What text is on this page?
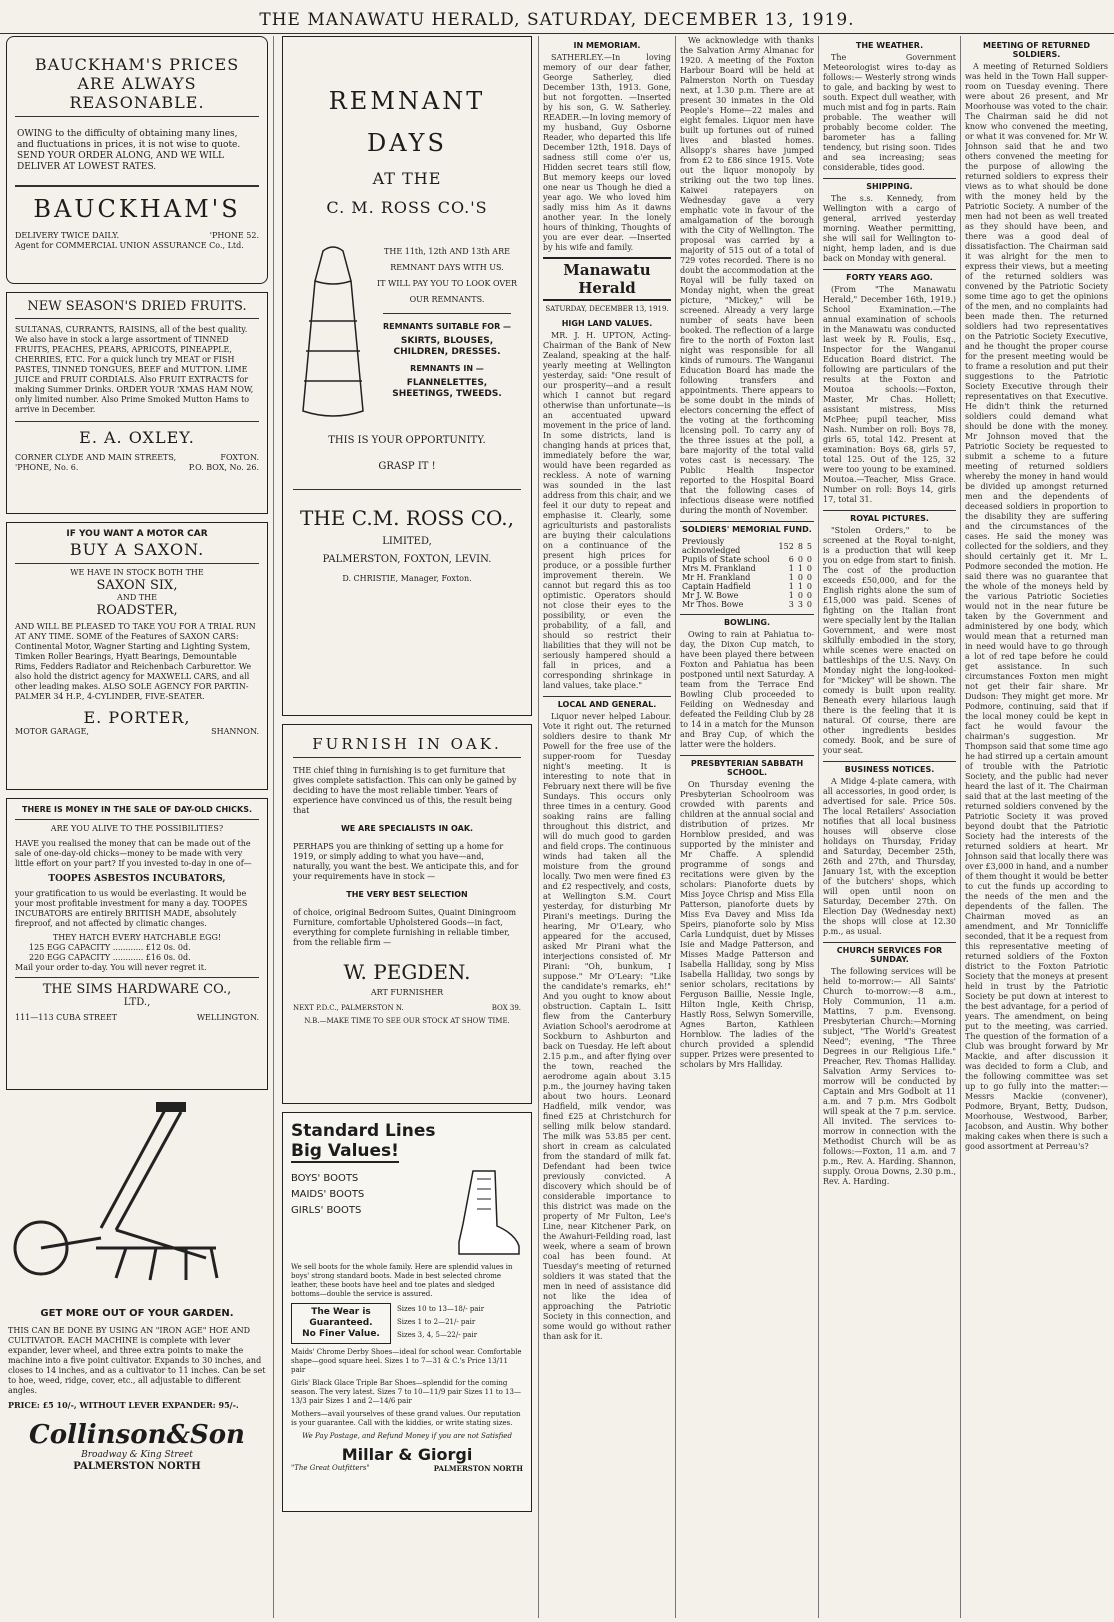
THE MANAWATU HERALD, SATURDAY, DECEMBER 13, 1919.
BAUCKHAM'S PRICES
ARE ALWAYS REASONABLE.
OWING to the difficulty of obtaining many lines, and fluctuations in prices, it is not wise to quote. SEND YOUR ORDER ALONG, AND WE WILL DELIVER AT LOWEST RATES.
BAUCKHAM'S
DELIVERY TWICE DAILY.	'PHONE 52.
Agent for COMMERCIAL UNION ASSURANCE Co., Ltd.
NEW SEASON'S DRIED FRUITS.
SULTANAS, CURRANTS, RAISINS, all of the best quality. We also have in stock a large assortment of TINNED FRUITS, PEACHES, PEARS, APRICOTS, PINEAPPLE, CHERRIES, ETC. For a quick lunch try MEAT or FISH PASTES, TINNED TONGUES, BEEF and MUTTON. LIME JUICE and FRUIT CORDIALS. Also FRUIT EXTRACTS for making Summer Drinks. ORDER YOUR 'XMAS HAM NOW, only limited number. Also Prime Smoked Mutton Hams to arrive in December.
E. A. OXLEY.
CORNER CLYDE AND MAIN STREETS,	FOXTON.
'PHONE, No. 6.	P.O. BOX, No. 26.
IF YOU WANT A MOTOR CAR
BUY A SAXON.
WE HAVE IN STOCK BOTH THE
SAXON SIX,
AND THE
ROADSTER,
AND WILL BE PLEASED TO TAKE YOU FOR A TRIAL RUN AT ANY TIME. SOME of the Features of SAXON CARS: Continental Motor, Wagner Starting and Lighting System, Timken Roller Bearings, Hyatt Bearings, Demountable Rims, Fedders Radiator and Reichenbach Carburettor. We also hold the district agency for MAXWELL CARS, and all other leading makes. ALSO SOLE AGENCY FOR PARTIN-PALMER 34 H.P., 4-CYLINDER, FIVE-SEATER.
E. PORTER,
MOTOR GARAGE,	SHANNON.
THERE IS MONEY IN THE SALE OF DAY-OLD CHICKS.
ARE YOU ALIVE TO THE POSSIBILITIES?
HAVE you realised the money that can be made out of the sale of one-day-old chicks—money to be made with very little effort on your part? If you invested to-day in one of—
TOOPES ASBESTOS INCUBATORS,
your gratification to us would be everlasting. It would be your most profitable investment for many a day. TOOPES INCUBATORS are entirely BRITISH MADE, absolutely fireproof, and not affected by climatic changes.
THEY HATCH EVERY HATCHABLE EGG!
125 EGG CAPACITY ............ £12 0s. 0d.
220 EGG CAPACITY ............ £16 0s. 0d.
Mail your order to-day. You will never regret it.
THE SIMS HARDWARE CO.,
LTD.,
111—113 CUBA STREET	WELLINGTON.
GET MORE OUT OF YOUR GARDEN.
THIS CAN BE DONE BY USING AN "IRON AGE" HOE AND CULTIVATOR. EACH MACHINE is complete with lever expander, lever wheel, and three extra points to make the machine into a five point cultivator. Expands to 30 inches, and closes to 14 inches, and as a cultivator to 11 inches. Can be set to hoe, weed, ridge, cover, etc., all adjustable to different angles.
PRICE: £5 10/-, WITHOUT LEVER EXPANDER: 95/-.
Collinson&Son
Broadway & King Street
PALMERSTON NORTH
REMNANT
DAYS
AT THE
C. M. ROSS CO.'S
THE 11th, 12th AND 13th ARE
REMNANT DAYS WITH US.
IT WILL PAY YOU TO LOOK OVER
OUR REMNANTS.
REMNANTS SUITABLE FOR —
SKIRTS, BLOUSES, CHILDREN, DRESSES.
REMNANTS IN —
FLANNELETTES, SHEETINGS, TWEEDS.
THIS IS YOUR OPPORTUNITY.
GRASP IT !
THE C.M. ROSS CO.,
LIMITED,
PALMERSTON, FOXTON, LEVIN.
D. CHRISTIE, Manager, Foxton.
FURNISH IN OAK.
THE chief thing in furnishing is to get furniture that gives complete satisfaction. This can only be gained by deciding to have the most reliable timber. Years of experience have convinced us of this, the result being that
WE ARE SPECIALISTS IN OAK.
PERHAPS you are thinking of setting up a home for 1919, or simply adding to what you have—and, naturally, you want the best. We anticipate this, and for your requirements have in stock —
THE VERY BEST SELECTION
of choice, original Bedroom Suites, Quaint Diningroom Furniture, comfortable Upholstered Goods—in fact, everything for complete furnishing in reliable timber, from the reliable firm —
W. PEGDEN.
ART FURNISHER
NEXT P.D.C., PALMERSTON N.	BOX 39.
N.B.—MAKE TIME TO SEE OUR STOCK AT SHOW TIME.
Standard Lines
Big Values!
BOYS' BOOTS
MAIDS' BOOTS
GIRLS' BOOTS
We sell boots for the whole family. Here are splendid values in boys' strong standard boots. Made in best selected chrome leather, these boots have heel and toe plates and sledged bottoms—double the service is assured.
The Wear is
Guaranteed.
No Finer Value.
Sizes 10 to 13—18/- pair
Sizes 1 to 2—21/- pair
Sizes 3, 4, 5—22/- pair
Maids' Chrome Derby Shoes—ideal for school wear. Comfortable shape—good square heel. Sizes 1 to 7—31 & C.'s Price 13/11 pair
Girls' Black Glace Triple Bar Shoes—splendid for the coming season. The very latest. Sizes 7 to 10—11/9 pair Sizes 11 to 13—13/3 pair Sizes 1 and 2—14/6 pair
Mothers—avail yourselves of these grand values. Our reputation is your guarantee. Call with the kiddies, or write stating sizes.
We Pay Postage, and Refund Money if you are not Satisfied
Millar & Giorgi
"The Great Outfitters"	PALMERSTON NORTH
IN MEMORIAM.

SATHERLEY.—In loving memory of our dear father, George Satherley, died December 13th, 1913. Gone, but not forgotten. —Inserted by his son, G. W. Satherley. READER.—In loving memory of my husband, Guy Osborne Reader, who departed this life December 12th, 1918. Days of sadness still come o'er us, Hidden secret tears still flow, But memory keeps our loved one near us Though he died a year ago. We who loved him sadly miss him As it dawns another year. In the lonely hours of thinking, Thoughts of you are ever dear. —Inserted by his wife and family.

Manawatu Herald
SATURDAY, DECEMBER 13, 1919.
HIGH LAND VALUES.

MR. J. H. UPTON, Acting-Chairman of the Bank of New Zealand, speaking at the half-yearly meeting at Wellington yesterday, said: "One result of our prosperity—and a result which I cannot but regard otherwise than unfortunate—is an accentuated upward movement in the price of land. In some districts, land is changing hands at prices that, immediately before the war, would have been regarded as reckless. A note of warning was sounded in the last address from this chair, and we feel it our duty to repeat and emphasise it. Clearly, some agriculturists and pastoralists are buying their calculations on a continuance of the present high prices for produce, or a possible further improvement therein. We cannot but regard this as too optimistic. Operators should not close their eyes to the possibility, or even the probability, of a fall, and should so restrict their liabilities that they will not be seriously hampered should a fall in prices, and a corresponding shrinkage in land values, take place."

LOCAL AND GENERAL.

Liquor never helped Labour. Vote it right out. The returned soldiers desire to thank Mr Powell for the free use of the supper-room for Tuesday night's meeting. It is interesting to note that in February next there will be five Sundays. This occurs only three times in a century. Good soaking rains are falling throughout this district, and will do much good to garden and field crops. The continuous winds had taken all the moisture from the ground locally. Two men were fined £3 and £2 respectively, and costs, at Wellington S.M. Court yesterday, for disturbing Mr Pirani's meetings. During the hearing, Mr O'Leary, who appeared for the accused, asked Mr Pirani what the interjections consisted of. Mr Pirani: "Oh, bunkum, I suppose." Mr O'Leary: "Like the candidate's remarks, eh!" And you ought to know about obstruction. Captain L. Isitt flew from the Canterbury Aviation School's aerodrome at Sockburn to Ashburton and back on Tuesday. He left about 2.15 p.m., and after flying over the town, reached the aerodrome again about 3.15 p.m., the journey having taken about two hours. Leonard Hadfield, milk vendor, was fined £25 at Christchurch for selling milk below standard. The milk was 53.85 per cent. short in cream as calculated from the standard of milk fat. Defendant had been twice previously convicted. A discovery which should be of considerable importance to this district was made on the property of Mr Fulton, Lee's Line, near Kitchener Park, on the Awahuri-Feilding road, last week, where a seam of brown coal has been found. At Tuesday's meeting of returned soldiers it was stated that the men in need of assistance did not like the idea of approaching the Patriotic Society in this connection, and some would go without rather than ask for it.

We acknowledge with thanks the Salvation Army Almanac for 1920. A meeting of the Foxton Harbour Board will be held at Palmerston North on Tuesday next, at 1.30 p.m. There are at present 30 inmates in the Old People's Home—22 males and eight females. Liquor men have built up fortunes out of ruined lives and blasted homes. Allsopp's shares have jumped from £2 to £86 since 1915. Vote out the liquor monopoly by striking out the two top lines. Kaiwei ratepayers on Wednesday gave a very emphatic vote in favour of the amalgamation of the borough with the City of Wellington. The proposal was carried by a majority of 515 out of a total of 729 votes recorded. There is no doubt the accommodation at the Royal will be fully taxed on Monday night, when the great picture, "Mickey," will be screened. Already a very large number of seats have been booked. The reflection of a large fire to the north of Foxton last night was responsible for all kinds of rumours. The Wanganui Education Board has made the following transfers and appointments. There appears to be some doubt in the minds of electors concerning the effect of the voting at the forthcoming licensing poll. To carry any of the three issues at the poll, a bare majority of the total valid votes cast is necessary. The Public Health Inspector reported to the Hospital Board that the following cases of infectious disease were notified during the month of November.

SOLDIERS' MEMORIAL FUND.
Previously acknowledged	152	8	5
Pupils of State school	6	0	0
Mrs M. Frankland	1	1	0
Mr H. Frankland	1	0	0
Captain Hadfield	1	1	0
Mr J. W. Bowe	1	0	0
Mr Thos. Bowe	3	3	0
BOWLING.

Owing to rain at Pahiatua to-day, the Dixon Cup match, to have been played there between Foxton and Pahiatua has been postponed until next Saturday. A team from the Terrace End Bowling Club proceeded to Feilding on Wednesday and defeated the Feilding Club by 28 to 14 in a match for the Munson and Bray Cup, of which the latter were the holders.

PRESBYTERIAN SABBATH SCHOOL.

On Thursday evening the Presbyterian Schoolroom was crowded with parents and children at the annual social and distribution of prizes. Mr Hornblow presided, and was supported by the minister and Mr Chaffe. A splendid programme of songs and recitations were given by the scholars: Pianoforte duets by Miss Joyce Chrisp and Miss Ella Patterson, pianoforte duets by Miss Eva Davey and Miss Ida Speirs, pianoforte solo by Miss Carla Lundquist, duet by Misses Isie and Madge Patterson, and Misses Madge Patterson and Isabella Halliday, song by Miss Isabella Halliday, two songs by senior scholars, recitations by Ferguson Baillie, Nessie Ingle, Hilton Ingle, Keith Chrisp, Hastly Ross, Selwyn Somerville, Agnes Barton, Kathleen Hornblow. The ladies of the church provided a splendid supper. Prizes were presented to scholars by Mrs Halliday.

THE WEATHER.

The Government Meteorologist wires to-day as follows:— Westerly strong winds to gale, and backing by west to south. Expect dull weather, with much mist and fog in parts. Rain probable. The weather will probably become colder. The barometer has a falling tendency, but rising soon. Tides and sea increasing; seas considerable, tides good.

SHIPPING.

The s.s. Kennedy, from Wellington with a cargo of general, arrived yesterday morning. Weather permitting, she will sail for Wellington to-night, hemp laden, and is due back on Monday with general.

FORTY YEARS AGO.

(From "The Manawatu Herald," December 16th, 1919.) School Examination.—The annual examination of schools in the Manawatu was conducted last week by R. Foulis, Esq., Inspector for the Wanganui Education Board district. The following are particulars of the results at the Foxton and Moutoa schools:—Foxton, Master, Mr Chas. Hollett; assistant mistress, Miss McPhee; pupil teacher, Miss Nash. Number on roll: Boys 78, girls 65, total 142. Present at examination: Boys 68, girls 57, total 125. Out of the 125, 32 were too young to be examined. Moutoa.—Teacher, Miss Grace. Number on roll: Boys 14, girls 17, total 31.

ROYAL PICTURES.

"Stolen Orders," to be screened at the Royal to-night, is a production that will keep you on edge from start to finish. The cost of the production exceeds £50,000, and for the English rights alone the sum of £15,000 was paid. Scenes of fighting on the Italian front were specially lent by the Italian Government, and were most skilfully embodied in the story, while scenes were enacted on battleships of the U.S. Navy. On Monday night the long-looked-for "Mickey" will be shown. The comedy is built upon reality. Beneath every hilarious laugh there is the feeling that it is natural. Of course, there are other ingredients besides comedy. Book, and be sure of your seat.

BUSINESS NOTICES.

A Midge 4-plate camera, with all accessories, in good order, is advertised for sale. Price 50s. The local Retailers' Association notifies that all local business houses will observe close holidays on Thursday, Friday and Saturday, December 25th, 26th and 27th, and Thursday, January 1st, with the exception of the butchers' shops, which will open until noon on Saturday, December 27th. On Election Day (Wednesday next) the shops will close at 12.30 p.m., as usual.

CHURCH SERVICES FOR SUNDAY.

The following services will be held to-morrow:— All Saints' Church to-morrow:—8 a.m., Holy Communion, 11 a.m. Mattins, 7 p.m. Evensong. Presbyterian Church:—Morning subject, "The World's Greatest Need"; evening, "The Three Degrees in our Religious Life." Preacher, Rev. Thomas Halliday. Salvation Army Services to-morrow will be conducted by Captain and Mrs Godbolt at 11 a.m. and 7 p.m. Mrs Godbolt will speak at the 7 p.m. service. All invited. The services to-morrow in connection with the Methodist Church will be as follows:—Foxton, 11 a.m. and 7 p.m., Rev. A. Harding. Shannon, supply. Oroua Downs, 2.30 p.m., Rev. A. Harding.

MEETING OF RETURNED SOLDIERS.

A meeting of Returned Soldiers was held in the Town Hall supper-room on Tuesday evening. There were about 26 present, and Mr Moorhouse was voted to the chair. The Chairman said he did not know who convened the meeting, or what it was convened for. Mr W. Johnson said that he and two others convened the meeting for the purpose of allowing the returned soldiers to express their views as to what should be done with the money held by the Patriotic Society. A number of the men had not been as well treated as they should have been, and there was a good deal of dissatisfaction. The Chairman said it was alright for the men to express their views, but a meeting of the returned soldiers was convened by the Patriotic Society some time ago to get the opinions of the men, and no complaints had been made then. The returned soldiers had two representatives on the Patriotic Society Executive, and he thought the proper course for the present meeting would be to frame a resolution and put their suggestions to the Patriotic Society Executive through their representatives on that Executive. He didn't think the returned soldiers could demand what should be done with the money. Mr Johnson moved that the Patriotic Society be requested to submit a scheme to a future meeting of returned soldiers whereby the money in hand would be divided up amongst returned men and the dependents of deceased soldiers in proportion to the disability they are suffering and the circumstances of the cases. He said the money was collected for the soldiers, and they should certainly get it. Mr L. Podmore seconded the motion. He said there was no guarantee that the whole of the moneys held by the various Patriotic Societies would not in the near future be taken by the Government and administered by one body, which would mean that a returned man in need would have to go through a lot of red tape before he could get assistance. In such circumstances Foxton men might not get their fair share. Mr Dudson: They might get more. Mr Podmore, continuing, said that if the local money could be kept in fact he would favour the chairman's suggestion. Mr Thompson said that some time ago he had stirred up a certain amount of trouble with the Patriotic Society, and the public had never heard the last of it. The Chairman said that at the last meeting of the returned soldiers convened by the Patriotic Society it was proved beyond doubt that the Patriotic Society had the interests of the returned soldiers at heart. Mr Johnson said that locally there was over £3,000 in hand, and a number of them thought it would be better to cut the funds up according to the needs of the men and the dependents of the fallen. The Chairman moved as an amendment, and Mr Tonnicliffe seconded, that it be a request from this representative meeting of returned soldiers of the Foxton district to the Foxton Patriotic Society that the moneys at present held in trust by the Patriotic Society be put down at interest to the best advantage, for a period of years. The amendment, on being put to the meeting, was carried. The question of the formation of a Club was brought forward by Mr Mackie, and after discussion it was decided to form a Club, and the following committee was set up to go fully into the matter:—Messrs Mackie (convener), Podmore, Bryant, Betty, Dudson, Moorhouse, Westwood, Barber, Jacobson, and Austin. Why bother making cakes when there is such a good assortment at Perreau's?
